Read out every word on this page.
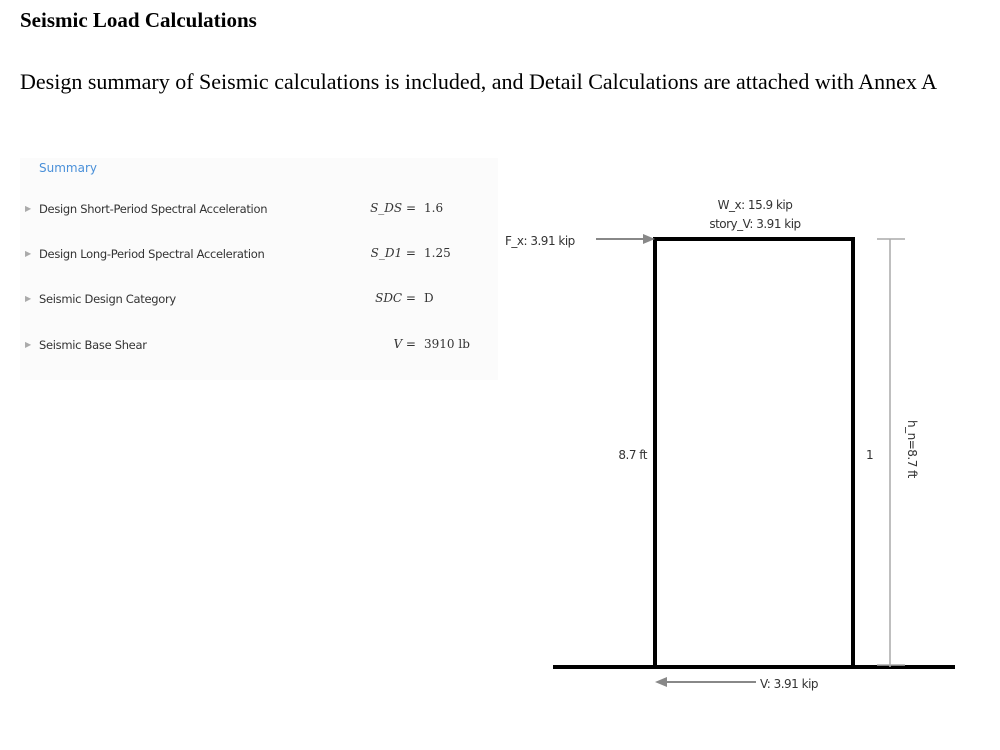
Seismic Load Calculations
Design summary of Seismic calculations is included, and Detail Calculations are attached with Annex A
Summary
▶ Design Short-Period Spectral Acceleration	S_DS = 1.6
▶ Design Long-Period Spectral Acceleration	S_D1 = 1.25
▶ Seismic Design Category	SDC = D
▶ Seismic Base Shear	V = 3910 lb
W_x: 15.9 kip
story_V: 3.91 kip
F_x: 3.91 kip
8.7 ft	1	h_n=8.7 ft
V: 3.91 kip
